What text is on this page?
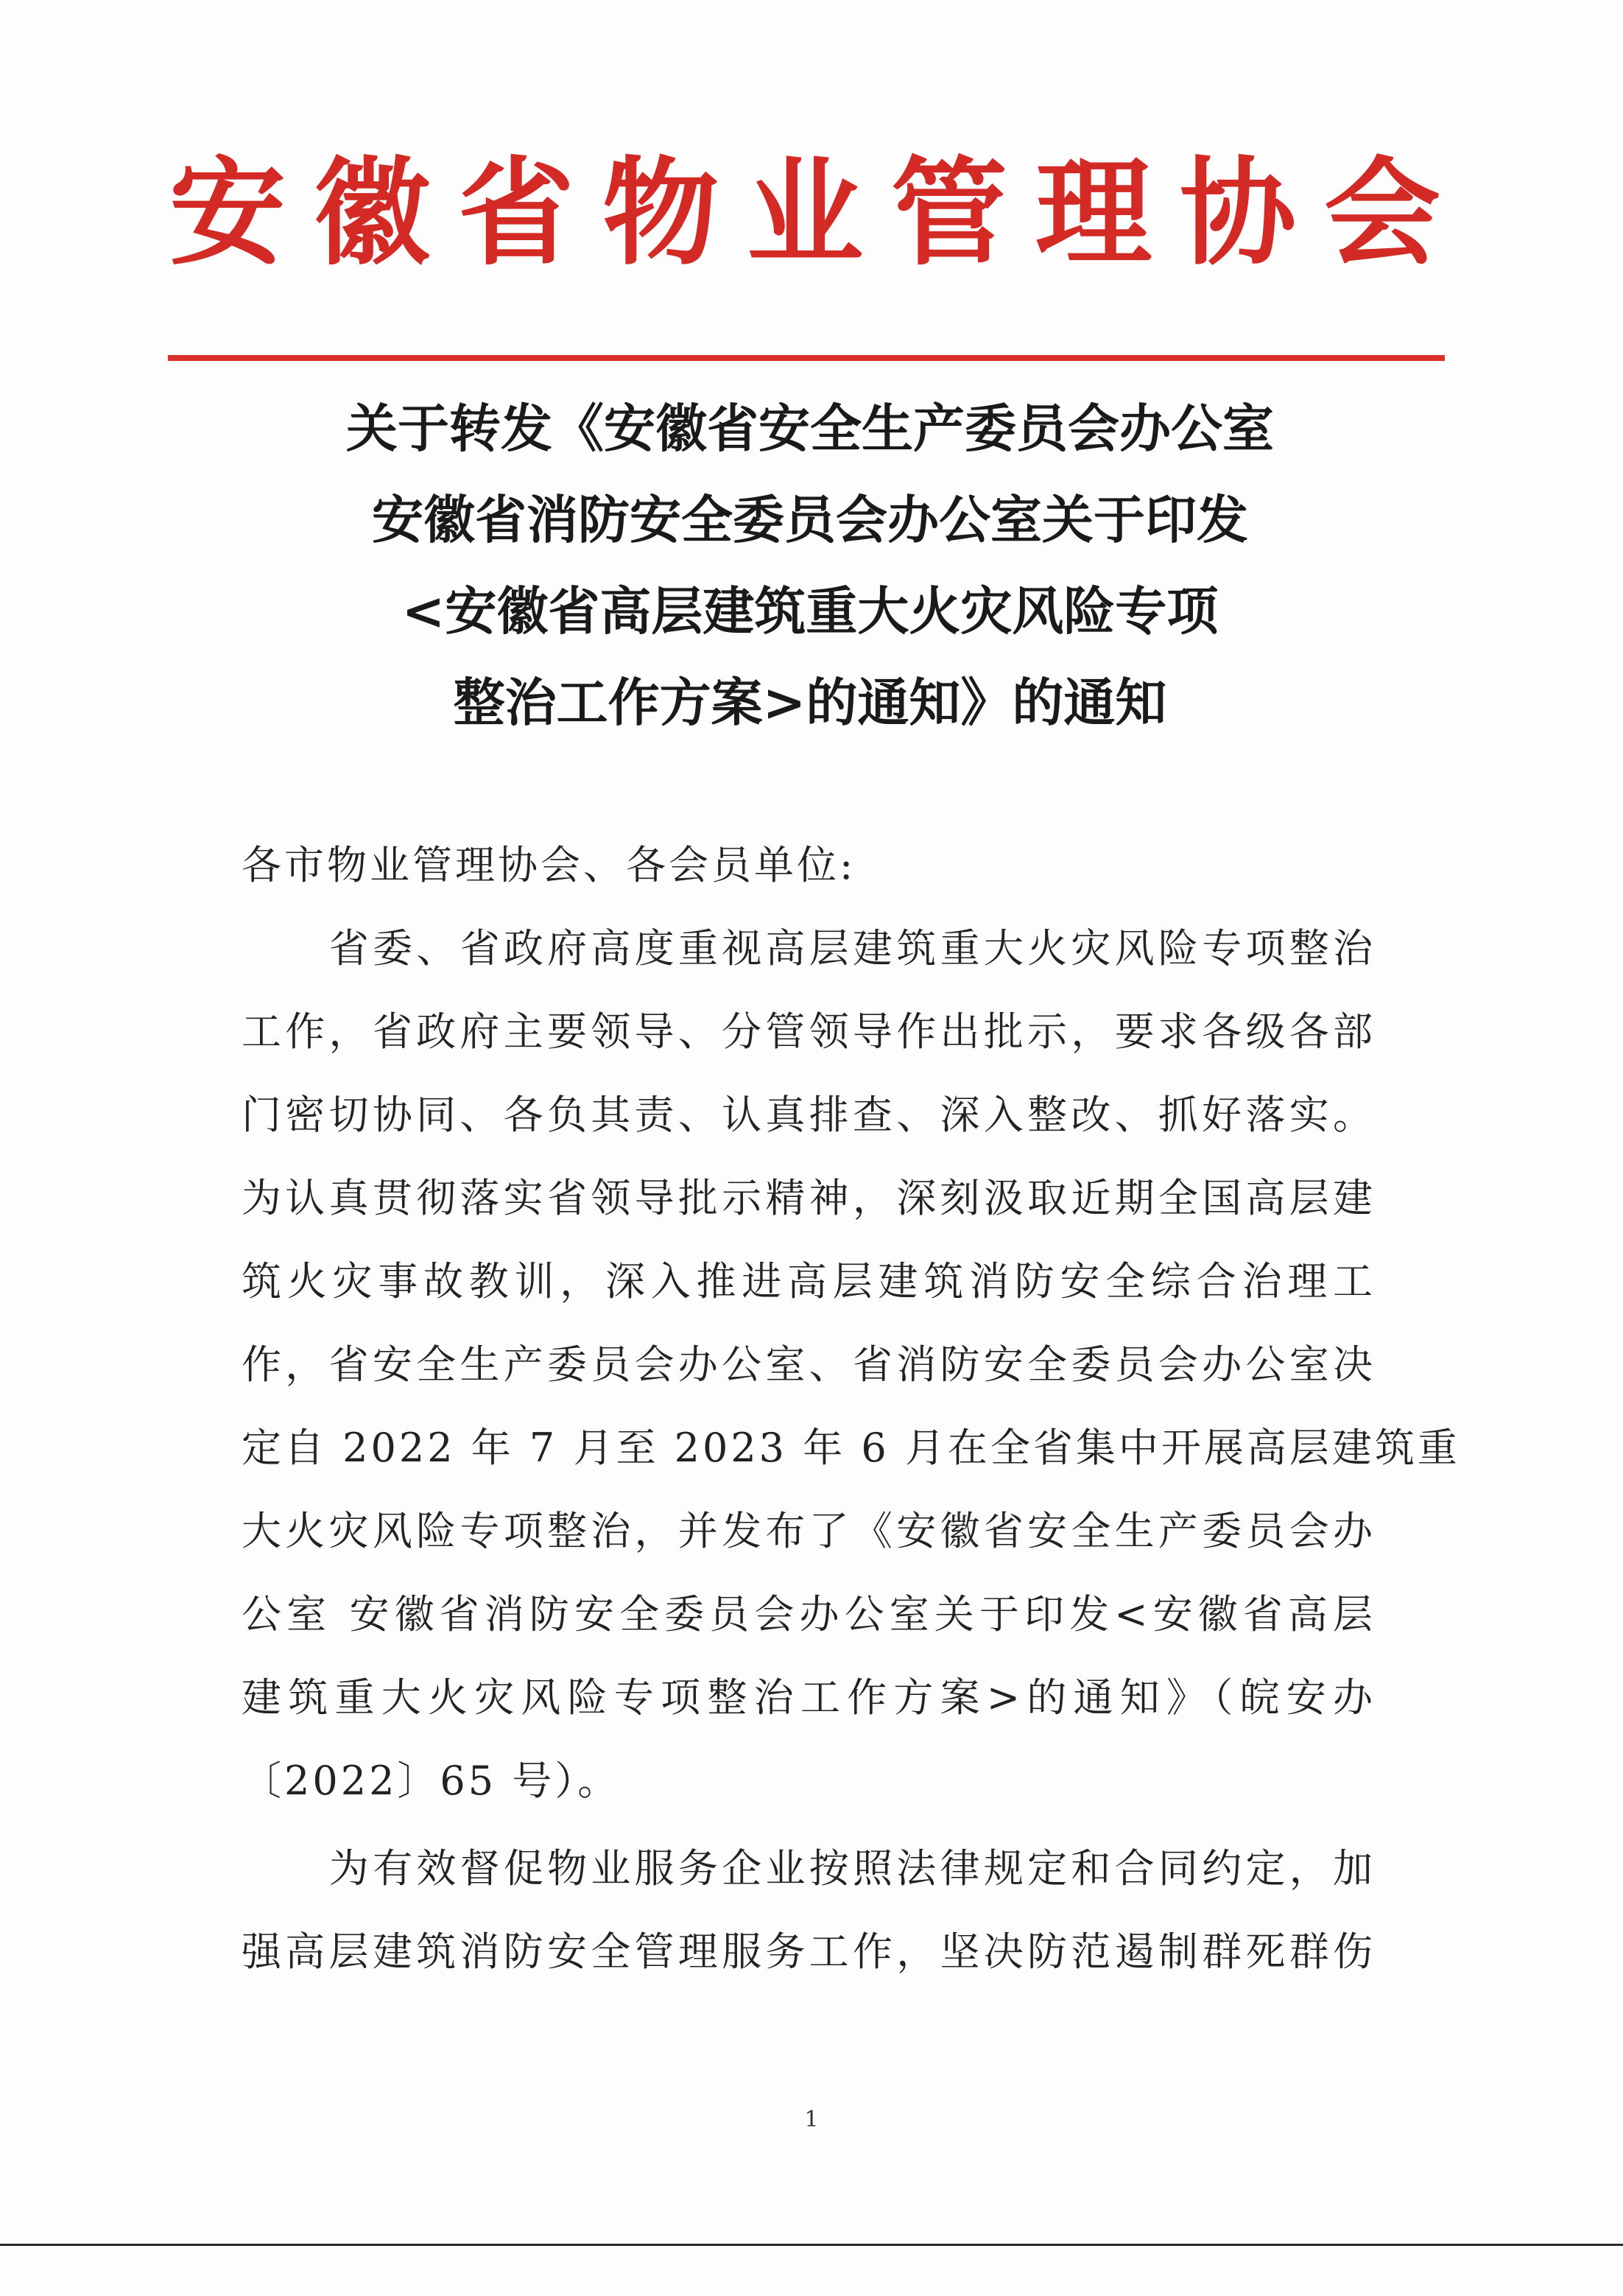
安徽省物业管理协会
关于转发《安徽省安全生产委员会办公室
安徽省消防安全委员会办公室关于印发
<安徽省高层建筑重大火灾风险专项
整治工作方案>的通知》的通知
各市物业管理协会、各会员单位:
省委、省政府高度重视高层建筑重大火灾风险专项整治
工作，省政府主要领导、分管领导作出批示，要求各级各部
门密切协同、各负其责、认真排查、深入整改、抓好落实。
为认真贯彻落实省领导批示精神，深刻汲取近期全国高层建
筑火灾事故教训，深入推进高层建筑消防安全综合治理工
作，省安全生产委员会办公室、省消防安全委员会办公室决
定自 2022 年 7 月至 2023 年 6 月在全省集中开展高层建筑重
大火灾风险专项整治，并发布了《安徽省安全生产委员会办
公室 安徽省消防安全委员会办公室关于印发<安徽省高层
建筑重大火灾风险专项整治工作方案>的通知》（皖安办
〔2022〕65 号）。
为有效督促物业服务企业按照法律规定和合同约定，加
强高层建筑消防安全管理服务工作，坚决防范遏制群死群伤
1
